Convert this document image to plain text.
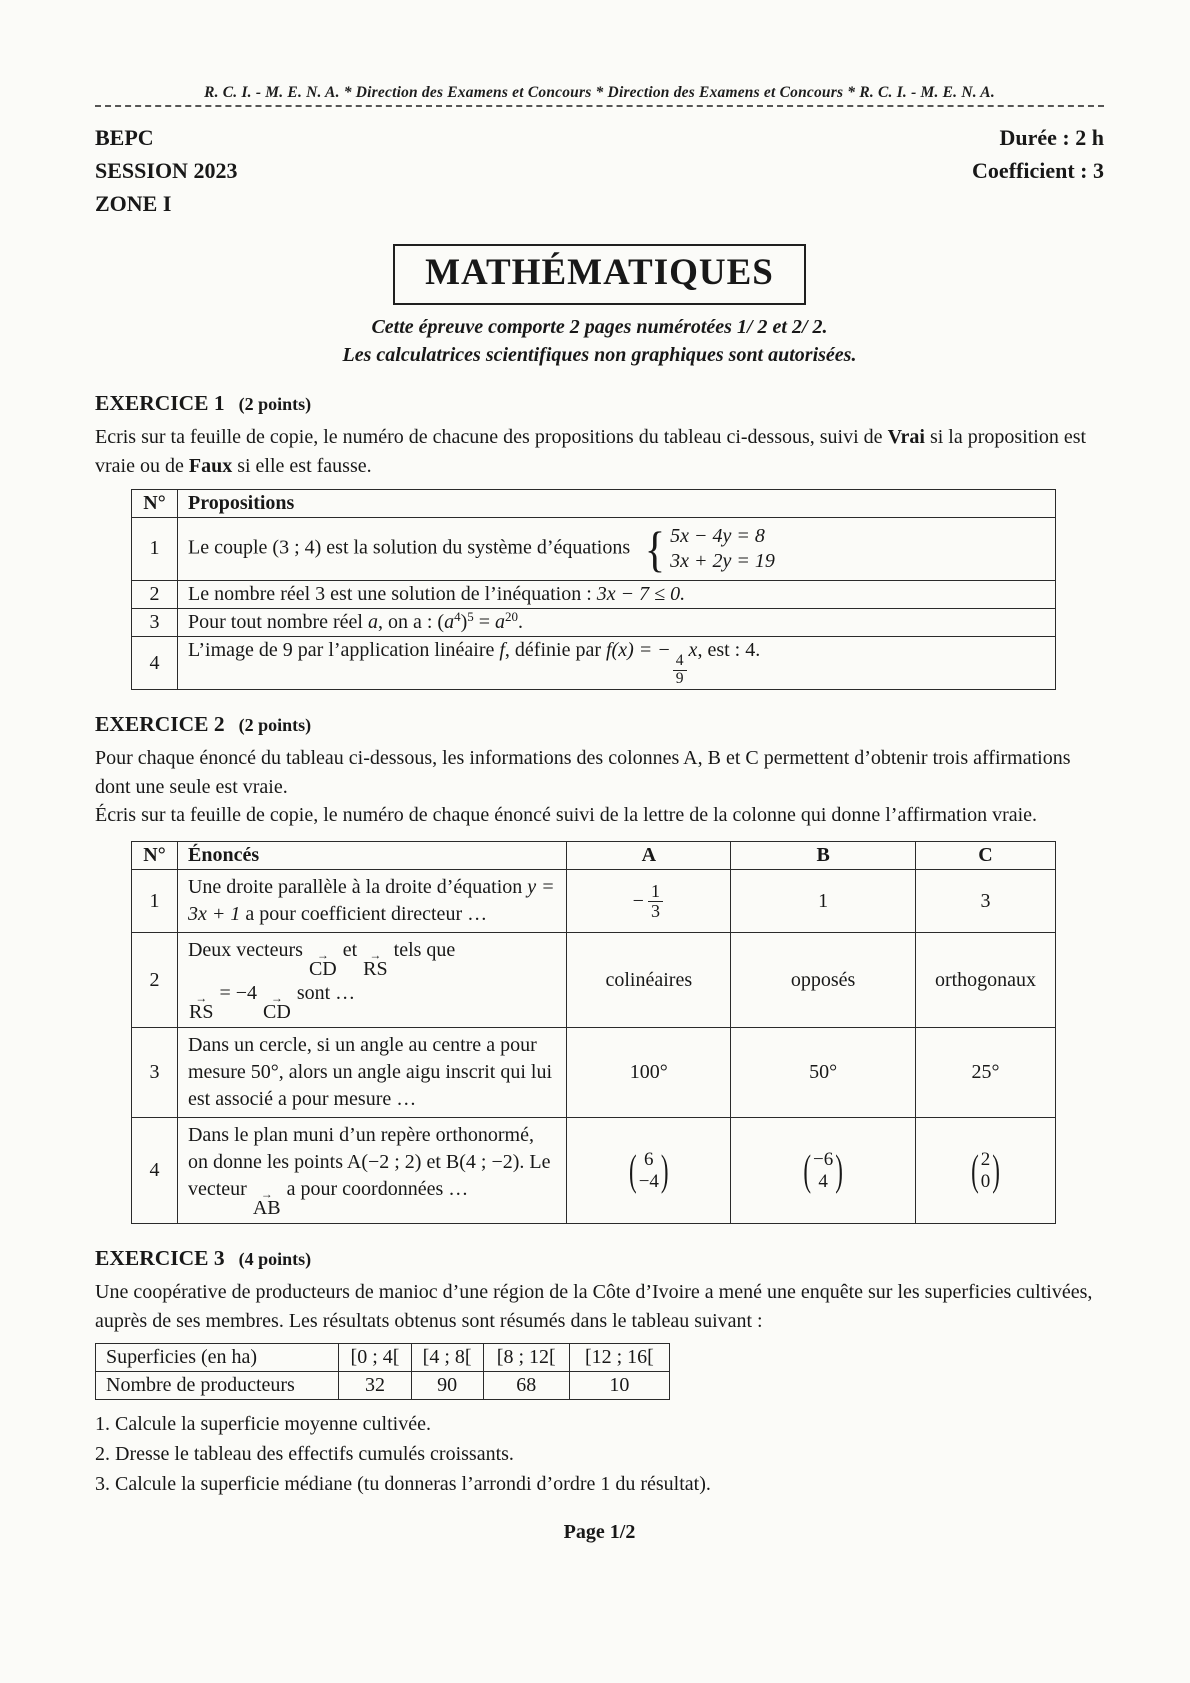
R. C. I. - M. E. N. A. * Direction des Examens et Concours * Direction des Examens et Concours * R. C. I. - M. E. N. A.
BEPC
SESSION 2023
ZONE I
Durée : 2 h
Coefficient : 3
MATHÉMATIQUES
Cette épreuve comporte 2 pages numérotées 1/ 2 et 2/ 2.
Les calculatrices scientifiques non graphiques sont autorisées.
EXERCICE 1 (2 points)

Ecris sur ta feuille de copie, le numéro de chacune des propositions du tableau ci-dessous, suivi de Vrai si la proposition est vraie ou de Faux si elle est fausse.

N°	Propositions
1	Le couple (3 ; 4) est la solution du système d’équations { 5x − 4y = 8
3x + 2y = 19

2	Le nombre réel 3 est une solution de l’inéquation : 3x − 7 ≤ 0.
3	Pour tout nombre réel a, on a : $(a^4)^5 = a^{20}$.
4	L’image de 9 par l’application linéaire f, définie par f(x) = −
$\frac{4}{9}$
x, est : 4.
EXERCICE 2 (2 points)

Pour chaque énoncé du tableau ci-dessous, les informations des colonnes A, B et C permettent d’obtenir trois affirmations dont une seule est vraie.
Écris sur ta feuille de copie, le numéro de chaque énoncé suivi de la lettre de la colonne qui donne l’affirmation vraie.

N°	Énoncés	A	B	C
1	Une droite parallèle à la droite d’équation y = 3x + 1 a pour coefficient directeur …	− $\frac{1}{3}$	1	3
2	Deux vecteurs →
CD
et →
RS
tels que

→
RS
= −4 →
CD
sont …	colinéaires	opposés	orthogonaux
3	Dans un cercle, si un angle au centre a pour mesure 50°, alors un angle aigu inscrit qui lui est associé a pour mesure …	100°	50°	25°
4	Dans le plan muni d’un repère orthonormé, on donne les points A(−2 ; 2) et B(4 ; −2). Le vecteur →
AB
a pour coordonnées …	( 6
−4 )	( −6
4 )	( 2
0 )
EXERCICE 3 (4 points)

Une coopérative de producteurs de manioc d’une région de la Côte d’Ivoire a mené une enquête sur les superficies cultivées, auprès de ses membres. Les résultats obtenus sont résumés dans le tableau suivant :

Superficies (en ha)	[0 ; 4[	[4 ; 8[	[8 ; 12[	[12 ; 16[
Nombre de producteurs	32	90	68	10
1. Calcule la superficie moyenne cultivée.
2. Dresse le tableau des effectifs cumulés croissants.
3. Calcule la superficie médiane (tu donneras l’arrondi d’ordre 1 du résultat).
Page 1/2
